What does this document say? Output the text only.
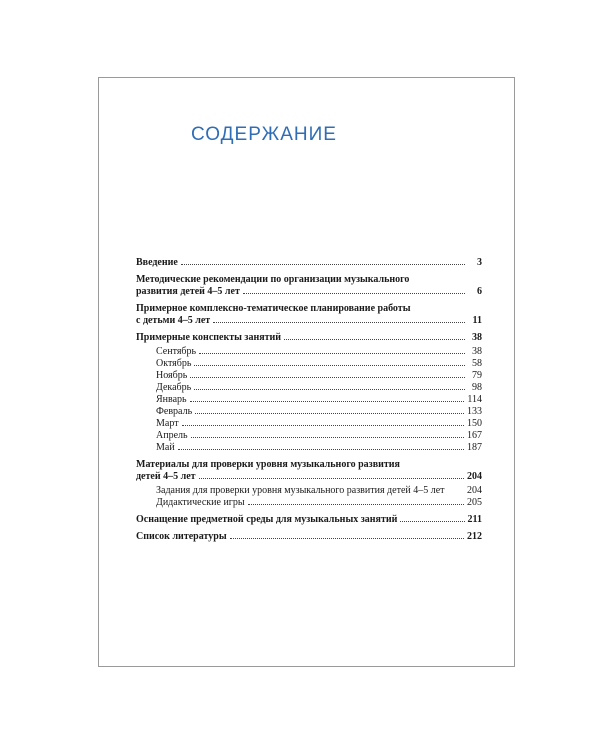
СОДЕРЖАНИЕ
Введение	3
Методические рекомендации по организации музыкального
развития детей 4–5 лет	6
Примерное комплексно-тематическое планирование работы
с детьми 4–5 лет	11
Примерные конспекты занятий	38
Сентябрь	38
Октябрь	58
Ноябрь	79
Декабрь	98
Январь	114
Февраль	133
Март	150
Апрель	167
Май	187
Материалы для проверки уровня музыкального развития
детей 4–5 лет	204
Задания для проверки уровня музыкального развития детей 4–5 лет 204
Дидактические игры	205
Оснащение предметной среды для музыкальных занятий	211
Список литературы	212
